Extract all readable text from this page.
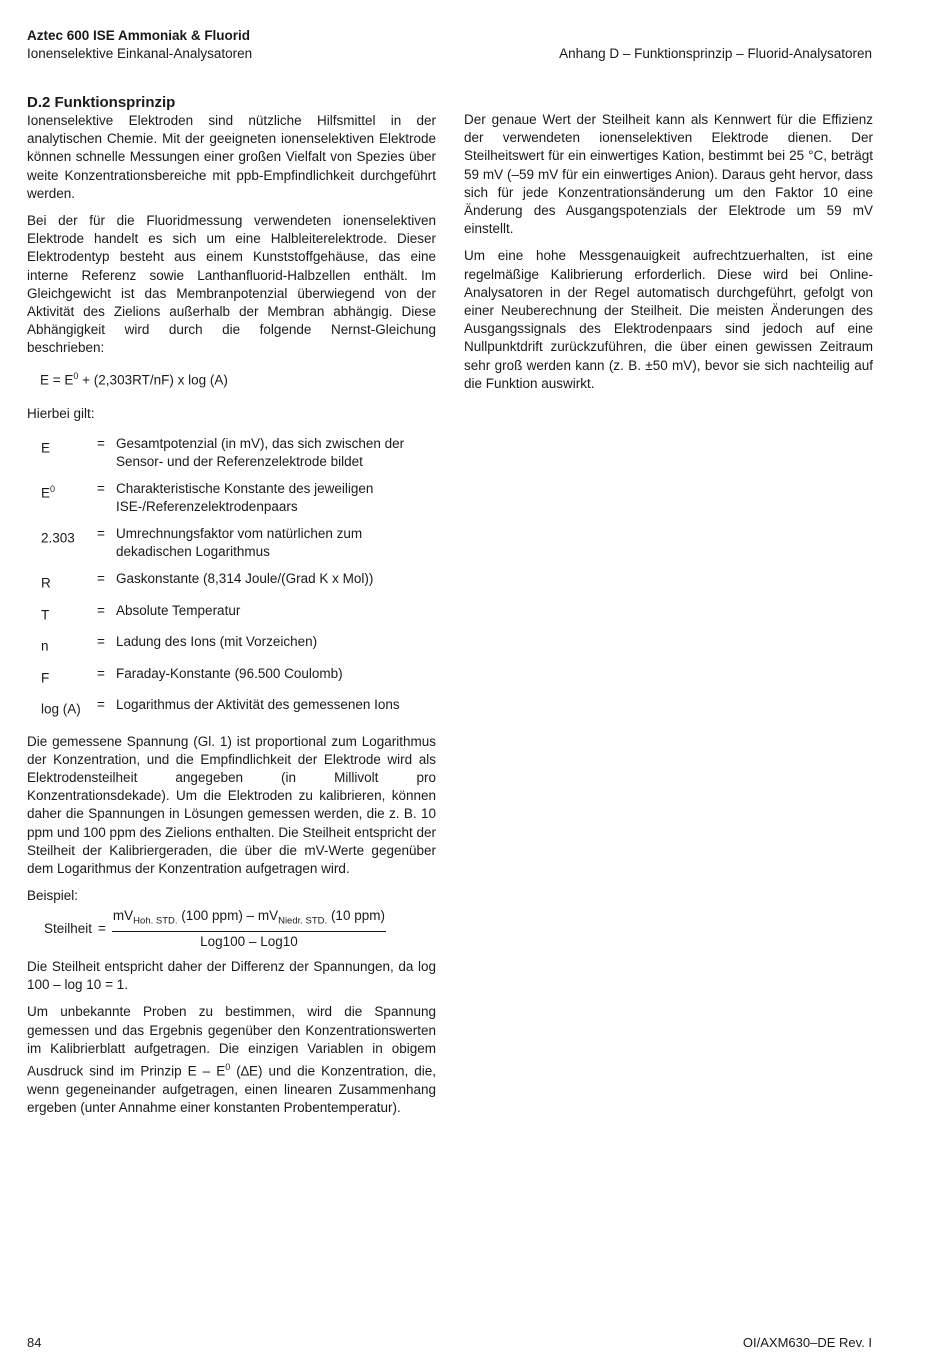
Aztec 600 ISE Ammoniak & Fluorid
Ionenselektive Einkanal-Analysatoren	Anhang D – Funktionsprinzip – Fluorid-Analysatoren
D.2 Funktionsprinzip

Ionenselektive Elektroden sind nützliche Hilfsmittel in der analytischen Chemie. Mit der geeigneten ionenselektiven Elektrode können schnelle Messungen einer großen Vielfalt von Spezies über weite Konzentrationsbereiche mit ppb-Empfindlichkeit durchgeführt werden.

Bei der für die Fluoridmessung verwendeten ionenselektiven Elektrode handelt es sich um eine Halbleiterelektrode. Dieser Elektrodentyp besteht aus einem Kunststoffgehäuse, das eine interne Referenz sowie Lanthanfluorid-Halbzellen enthält. Im Gleichgewicht ist das Membranpotenzial überwiegend von der Aktivität des Zielions außerhalb der Membran abhängig. Diese Abhängigkeit wird durch die folgende Nernst-Gleichung beschrieben:

$E = E^0 + (2,303RT/nF)$ x log (A)
Hierbei gilt:
E	= Gesamtpotenzial (in mV), das sich zwischen der Sensor- und der Referenzelektrode bildet
$E^0$	= Charakteristische Konstante des jeweiligen ISE-/Referenzelektrodenpaars
2.303	= Umrechnungsfaktor vom natürlichen zum dekadischen Logarithmus
R	= Gaskonstante (8,314 Joule/(Grad K x Mol))
T	= Absolute Temperatur
n	= Ladung des Ions (mit Vorzeichen)
F	= Faraday-Konstante (96.500 Coulomb)
log (A)	= Logarithmus der Aktivität des gemessenen Ions

Die gemessene Spannung (Gl. 1) ist proportional zum Logarithmus der Konzentration, und die Empfindlichkeit der Elektrode wird als Elektrodensteilheit angegeben (in Millivolt pro Konzentrationsdekade). Um die Elektroden zu kalibrieren, können daher die Spannungen in Lösungen gemessen werden, die z. B. 10 ppm und 100 ppm des Zielions enthalten. Die Steilheit entspricht der Steilheit der Kalibriergeraden, die über die mV-Werte gegenüber dem Logarithmus der Konzentration aufgetragen wird.

Beispiel:
Steilheit = $\frac{mV_{Hoh. STD.} (100 ppm) - mV_{Niedr. STD.} (10 ppm)}{\text{Log100 – Log10}}$

Die Steilheit entspricht daher der Differenz der Spannungen, da log 100 – log 10 = 1.

Um unbekannte Proben zu bestimmen, wird die Spannung gemessen und das Ergebnis gegenüber den Konzentrationswerten im Kalibrierblatt aufgetragen. Die einzigen Variablen in obigem Ausdruck sind im Prinzip E – $E^0$ (∆E) und die Konzentration, die, wenn gegeneinander aufgetragen, einen linearen Zusammenhang ergeben (unter Annahme einer konstanten Probentemperatur).

Der genaue Wert der Steilheit kann als Kennwert für die Effizienz der verwendeten ionenselektiven Elektrode dienen. Der Steilheitswert für ein einwertiges Kation, bestimmt bei 25 °C, beträgt 59 mV (–59 mV für ein einwertiges Anion). Daraus geht hervor, dass sich für jede Konzentrationsänderung um den Faktor 10 eine Änderung des Ausgangspotenzials der Elektrode um 59 mV einstellt.

Um eine hohe Messgenauigkeit aufrechtzuerhalten, ist eine regelmäßige Kalibrierung erforderlich. Diese wird bei Online-Analysatoren in der Regel automatisch durchgeführt, gefolgt von einer Neuberechnung der Steilheit. Die meisten Änderungen des Ausgangssignals des Elektrodenpaars sind jedoch auf eine Nullpunktdrift zurückzuführen, die über einen gewissen Zeitraum sehr groß werden kann (z. B. ±50 mV), bevor sie sich nachteilig auf die Funktion auswirkt.

84	OI/AXM630–DE Rev. I
